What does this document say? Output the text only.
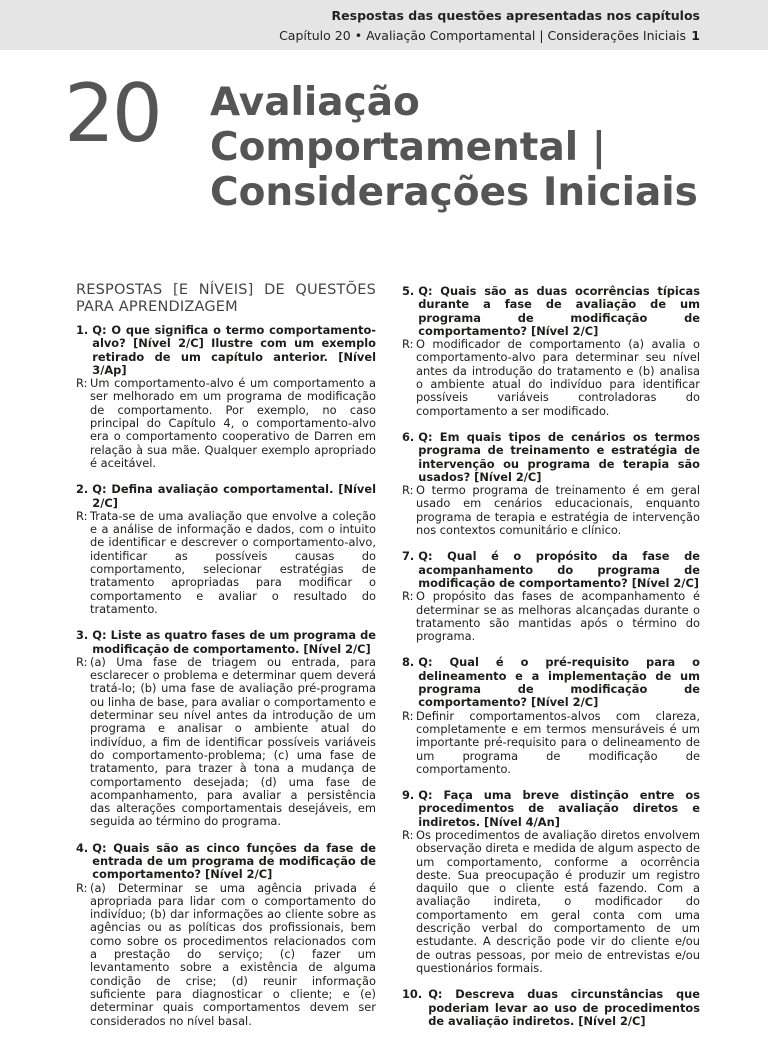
Respostas das questões apresentadas nos capítulos
Capítulo 20 • Avaliação Comportamental | Considerações Iniciais 1
20 Avaliação
Comportamental |
Considerações Iniciais
RESPOSTAS [E NÍVEIS] DE QUESTÕES PARA APRENDIZAGEM
1. Q: O que significa o termo comportamento-alvo? [Nível 2/C] Ilustre com um exemplo retirado de um capítulo anterior. [Nível 3/Ap]
R: Um comportamento-alvo é um comportamento a ser melhorado em um programa de modificação de comportamento. Por exemplo, no caso principal do Capítulo 4, o comportamento-alvo era o comportamento cooperativo de Darren em relação à sua mãe. Qualquer exemplo apropriado é aceitável.
2. Q: Defina avaliação comportamental. [Nível 2/C]
R: Trata-se de uma avaliação que envolve a coleção e a análise de informação e dados, com o intuito de identificar e descrever o comportamento-alvo, identificar as possíveis causas do comportamento, selecionar estratégias de tratamento apropriadas para modificar o comportamento e avaliar o resultado do tratamento.
3. Q: Liste as quatro fases de um programa de modificação de comportamento. [Nível 2/C]
R: (a) Uma fase de triagem ou entrada, para esclarecer o problema e determinar quem deverá tratá-lo; (b) uma fase de avaliação pré-programa ou linha de base, para avaliar o comportamento e determinar seu nível antes da introdução de um programa e analisar o ambiente atual do indivíduo, a fim de identificar possíveis variáveis do comportamento-problema; (c) uma fase de tratamento, para trazer à tona a mudança de comportamento desejada; (d) uma fase de acompanhamento, para avaliar a persistência das alterações comportamentais desejáveis, em seguida ao término do programa.
4. Q: Quais são as cinco funções da fase de entrada de um programa de modificação de comportamento? [Nível 2/C]
R: (a) Determinar se uma agência privada é apropriada para lidar com o comportamento do indivíduo; (b) dar informações ao cliente sobre as agências ou as políticas dos profissionais, bem como sobre os procedimentos relacionados com a prestação do serviço; (c) fazer um levantamento sobre a existência de alguma condição de crise; (d) reunir informação suficiente para diagnosticar o cliente; e (e) determinar quais comportamentos devem ser considerados no nível basal.
5. Q: Quais são as duas ocorrências típicas durante a fase de avaliação de um programa de modificação de comportamento? [Nível 2/C]
R: O modificador de comportamento (a) avalia o comportamento-alvo para determinar seu nível antes da introdução do tratamento e (b) analisa o ambiente atual do indivíduo para identificar possíveis variáveis controladoras do comportamento a ser modificado.
6. Q: Em quais tipos de cenários os termos programa de treinamento e estratégia de intervenção ou programa de terapia são usados? [Nível 2/C]
R: O termo programa de treinamento é em geral usado em cenários educacionais, enquanto programa de terapia e estratégia de intervenção nos contextos comunitário e clínico.
7. Q: Qual é o propósito da fase de acompanhamento do programa de modificação de comportamento? [Nível 2/C]
R: O propósito das fases de acompanhamento é determinar se as melhoras alcançadas durante o tratamento são mantidas após o término do programa.
8. Q: Qual é o pré-requisito para o delineamento e a implementação de um programa de modificação de comportamento? [Nível 2/C]
R: Definir comportamentos-alvos com clareza, completamente e em termos mensuráveis é um importante pré-requisito para o delineamento de um programa de modificação de comportamento.
9. Q: Faça uma breve distinção entre os procedimentos de avaliação diretos e indiretos. [Nível 4/An]
R: Os procedimentos de avaliação diretos envolvem observação direta e medida de algum aspecto de um comportamento, conforme a ocorrência deste. Sua preocupação é produzir um registro daquilo que o cliente está fazendo. Com a avaliação indireta, o modificador do comportamento em geral conta com uma descrição verbal do comportamento de um estudante. A descrição pode vir do cliente e/ou de outras pessoas, por meio de entrevistas e/ou questionários formais.
10. Q: Descreva duas circunstâncias que poderiam levar ao uso de procedimentos de avaliação indiretos. [Nível 2/C]
